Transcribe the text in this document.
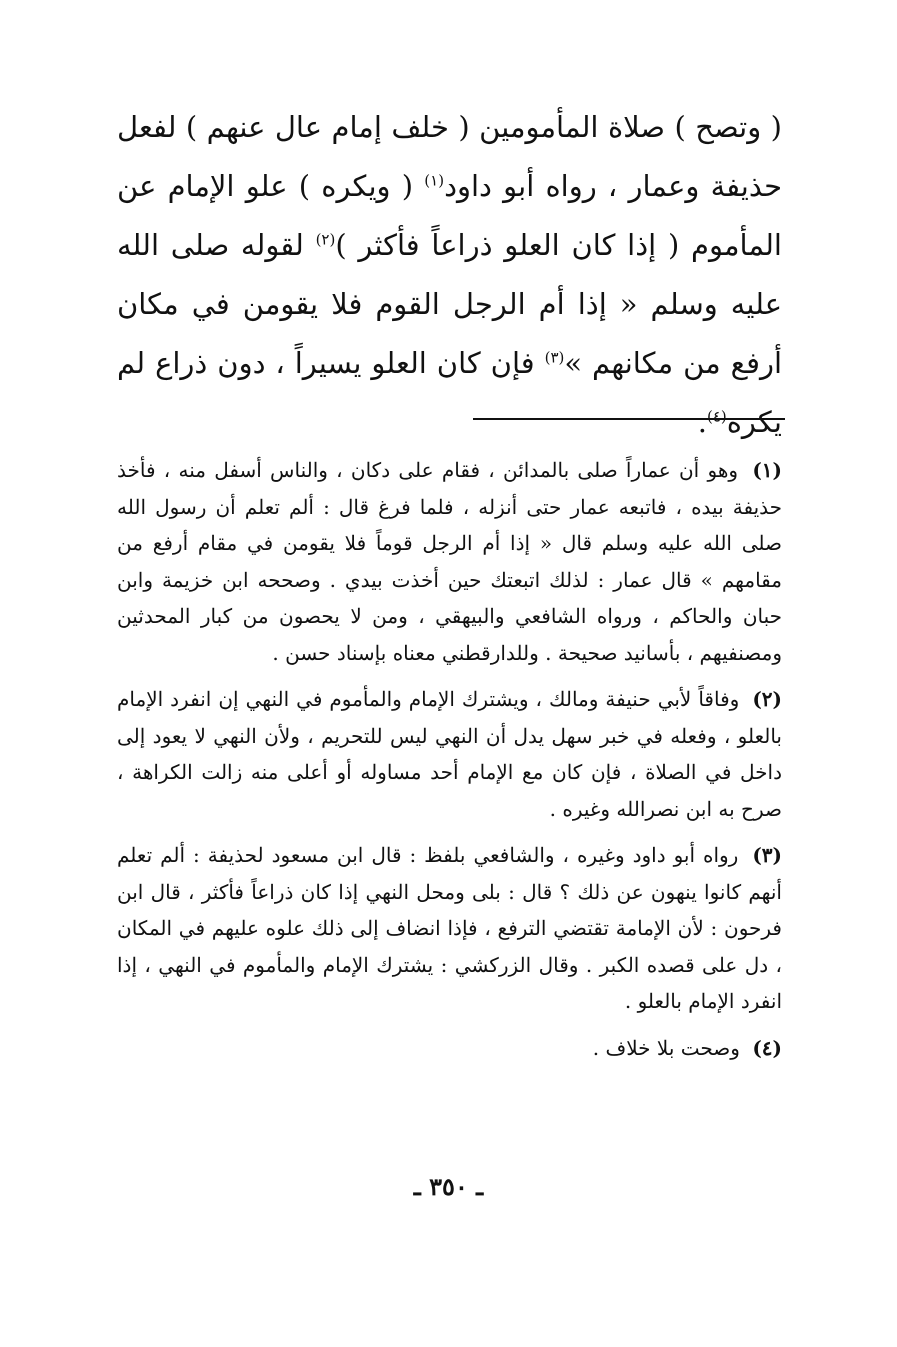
( وتصح ) صلاة المأمومين ( خلف إمام عال عنهم ) لفعل حذيفة وعمار ، رواه أبو داود$^{(١)}$ ( ويكره ) علو الإمام عن المأموم ( إذا كان العلو ذراعاً فأكثر )$^{(٢)}$ لقوله صلى الله عليه وسلم « إذا أم الرجل القوم فلا يقومن في مكان أرفع من مكانهم »$^{(٣)}$ فإن كان العلو يسيراً ، دون ذراع لم يكره$^{(٤)}$.

(١) وهو أن عماراً صلى بالمدائن ، فقام على دكان ، والناس أسفل منه ، فأخذ حذيفة بيده ، فاتبعه عمار حتى أنزله ، فلما فرغ قال : ألم تعلم أن رسول الله صلى الله عليه وسلم قال « إذا أم الرجل قوماً فلا يقومن في مقام أرفع من مقامهم » قال عمار : لذلك اتبعتك حين أخذت بيدي . وصححه ابن خزيمة وابن حبان والحاكم ، ورواه الشافعي والبيهقي ، ومن لا يحصون من كبار المحدثين ومصنفيهم ، بأسانيد صحيحة . وللدارقطني معناه بإسناد حسن .

(٢) وفاقاً لأبي حنيفة ومالك ، ويشترك الإمام والمأموم في النهي إن انفرد الإمام بالعلو ، وفعله في خبر سهل يدل أن النهي ليس للتحريم ، ولأن النهي لا يعود إلى داخل في الصلاة ، فإن كان مع الإمام أحد مساوله أو أعلى منه زالت الكراهة ، صرح به ابن نصرالله وغيره .

(٣) رواه أبو داود وغيره ، والشافعي بلفظ : قال ابن مسعود لحذيفة : ألم تعلم أنهم كانوا ينهون عن ذلك ؟ قال : بلى ومحل النهي إذا كان ذراعاً فأكثر ، قال ابن فرحون : لأن الإمامة تقتضي الترفع ، فإذا انضاف إلى ذلك علوه عليهم في المكان ، دل على قصده الكبر . وقال الزركشي : يشترك الإمام والمأموم في النهي ، إذا انفرد الإمام بالعلو .

(٤) وصحت بلا خلاف .

ـ ٣٥٠ ـ
